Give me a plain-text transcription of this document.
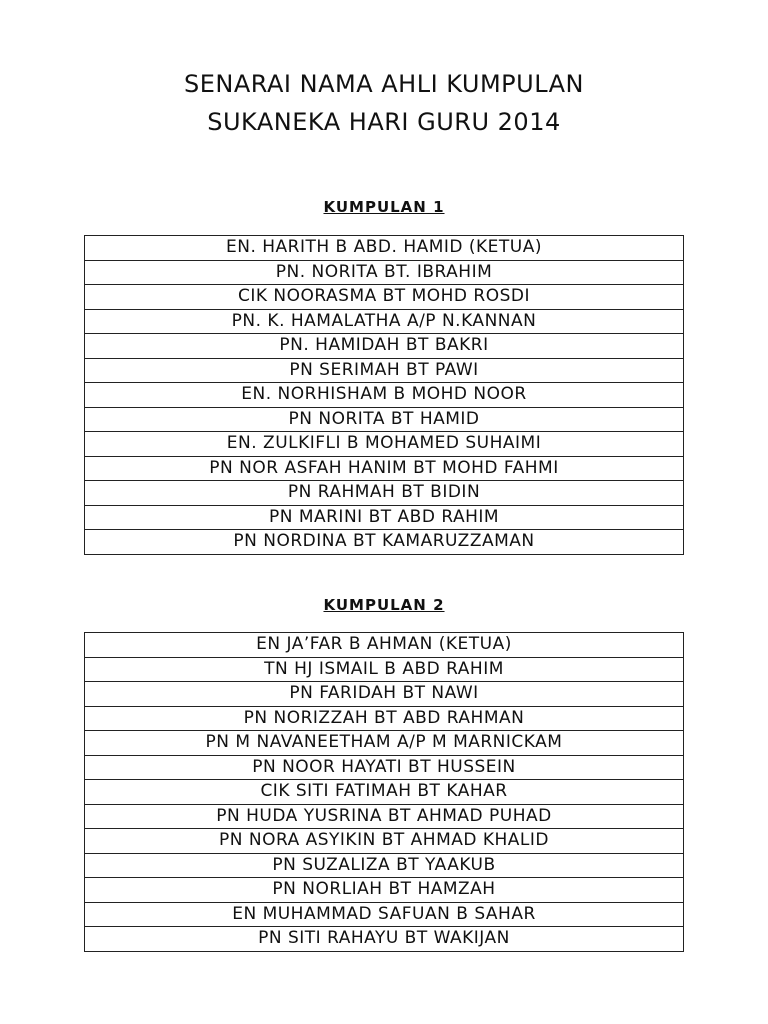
SENARAI NAMA AHLI KUMPULAN
SUKANEKA HARI GURU 2014
KUMPULAN 1
EN. HARITH B ABD. HAMID (KETUA)
PN. NORITA BT. IBRAHIM
CIK NOORASMA BT MOHD ROSDI
PN. K. HAMALATHA A/P N.KANNAN
PN. HAMIDAH BT BAKRI
PN SERIMAH BT PAWI
EN. NORHISHAM B MOHD NOOR
PN NORITA BT HAMID
EN. ZULKIFLI B MOHAMED SUHAIMI
PN NOR ASFAH HANIM BT MOHD FAHMI
PN RAHMAH BT BIDIN
PN MARINI BT ABD RAHIM
PN NORDINA BT KAMARUZZAMAN
KUMPULAN 2
EN JA’FAR B AHMAN (KETUA)
TN HJ ISMAIL B ABD RAHIM
PN FARIDAH BT NAWI
PN NORIZZAH BT ABD RAHMAN
PN M NAVANEETHAM A/P M MARNICKAM
PN NOOR HAYATI BT HUSSEIN
CIK SITI FATIMAH BT KAHAR
PN HUDA YUSRINA BT AHMAD PUHAD
PN NORA ASYIKIN BT AHMAD KHALID
PN SUZALIZA BT YAAKUB
PN NORLIAH BT HAMZAH
EN MUHAMMAD SAFUAN B SAHAR
PN SITI RAHAYU BT WAKIJAN
